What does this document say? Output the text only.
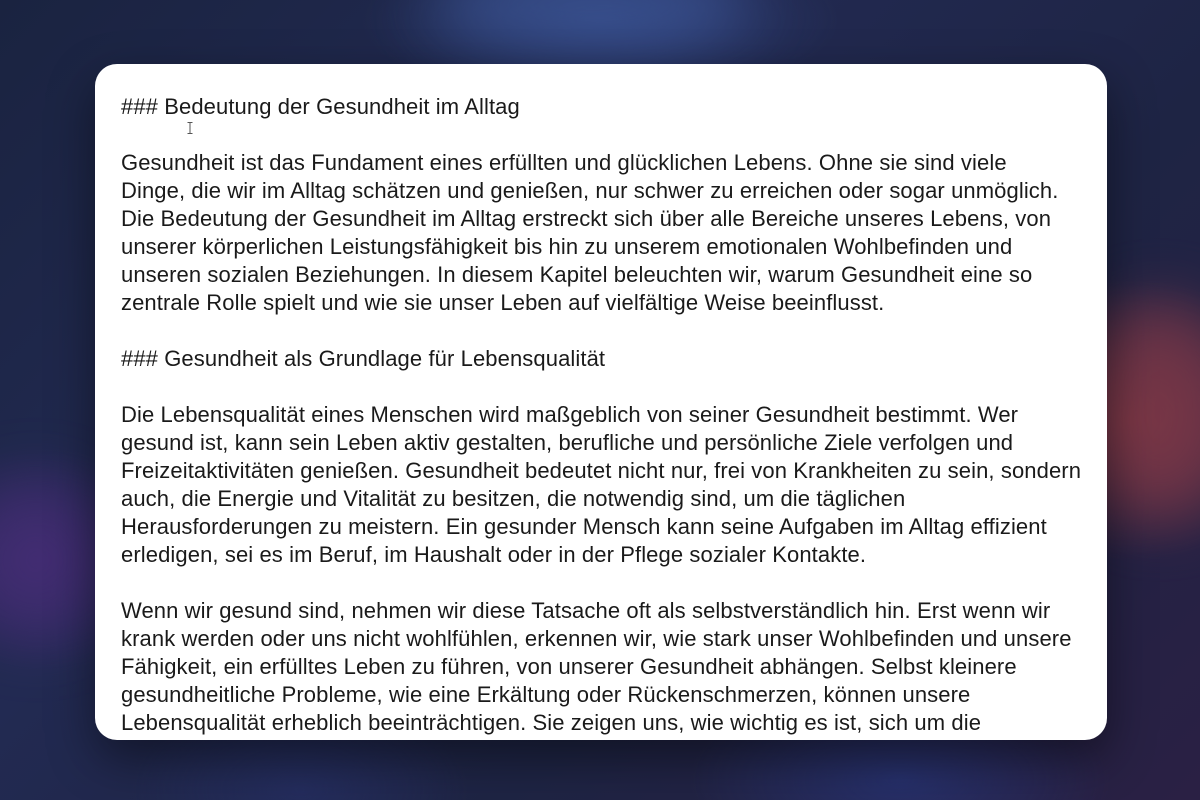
### Bedeutung der Gesundheit im Alltag
Gesundheit ist das Fundament eines erfüllten und glücklichen Lebens. Ohne sie sind viele
Dinge, die wir im Alltag schätzen und genießen, nur schwer zu erreichen oder sogar unmöglich.
Die Bedeutung der Gesundheit im Alltag erstreckt sich über alle Bereiche unseres Lebens, von
unserer körperlichen Leistungsfähigkeit bis hin zu unserem emotionalen Wohlbefinden und
unseren sozialen Beziehungen. In diesem Kapitel beleuchten wir, warum Gesundheit eine so
zentrale Rolle spielt und wie sie unser Leben auf vielfältige Weise beeinflusst.
### Gesundheit als Grundlage für Lebensqualität
Die Lebensqualität eines Menschen wird maßgeblich von seiner Gesundheit bestimmt. Wer
gesund ist, kann sein Leben aktiv gestalten, berufliche und persönliche Ziele verfolgen und
Freizeitaktivitäten genießen. Gesundheit bedeutet nicht nur, frei von Krankheiten zu sein, sondern
auch, die Energie und Vitalität zu besitzen, die notwendig sind, um die täglichen
Herausforderungen zu meistern. Ein gesunder Mensch kann seine Aufgaben im Alltag effizient
erledigen, sei es im Beruf, im Haushalt oder in der Pflege sozialer Kontakte.
Wenn wir gesund sind, nehmen wir diese Tatsache oft als selbstverständlich hin. Erst wenn wir
krank werden oder uns nicht wohlfühlen, erkennen wir, wie stark unser Wohlbefinden und unsere
Fähigkeit, ein erfülltes Leben zu führen, von unserer Gesundheit abhängen. Selbst kleinere
gesundheitliche Probleme, wie eine Erkältung oder Rückenschmerzen, können unsere
Lebensqualität erheblich beeinträchtigen. Sie zeigen uns, wie wichtig es ist, sich um die
